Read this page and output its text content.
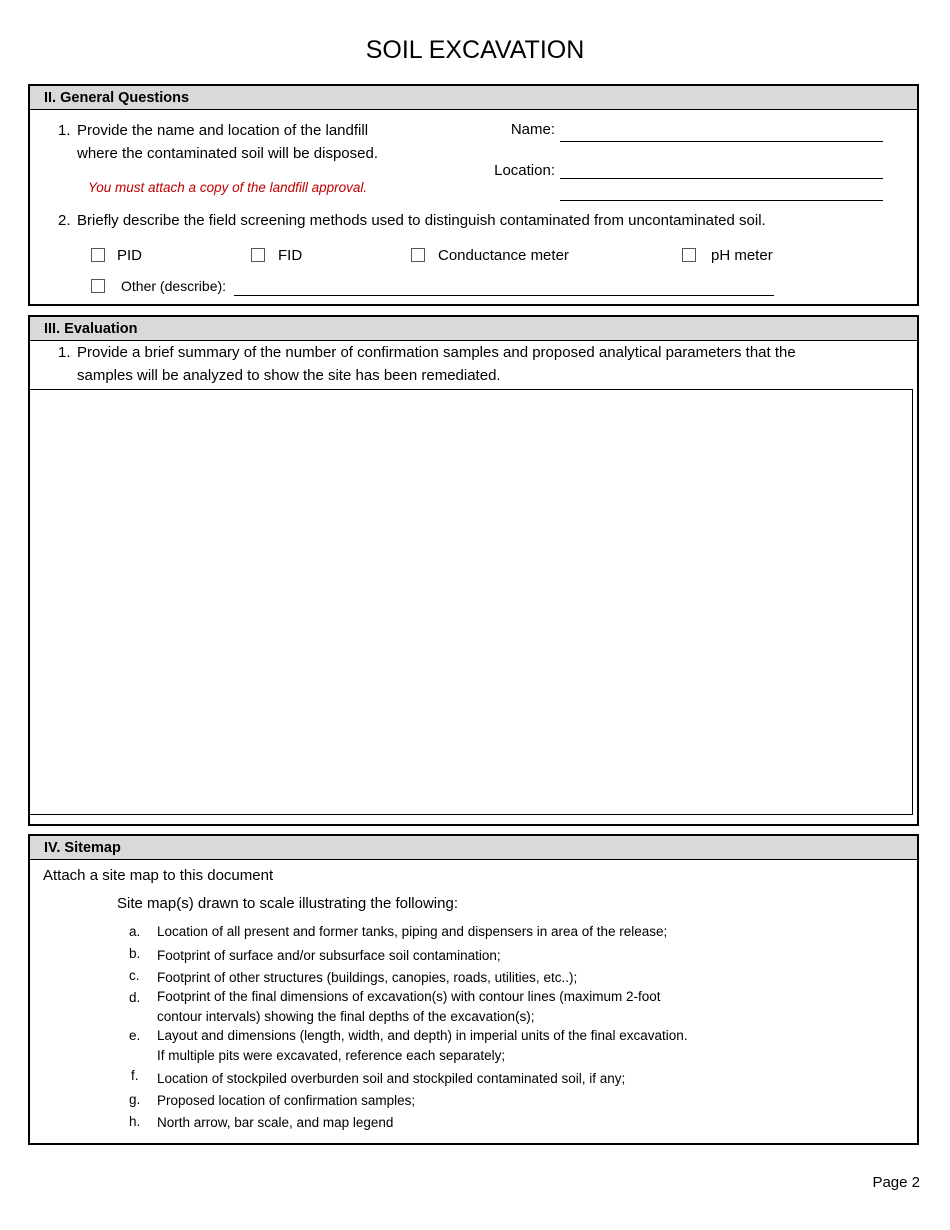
SOIL EXCAVATION
II. General Questions
1. Provide the name and location of the landfill
where the contaminated soil will be disposed.
You must attach a copy of the landfill approval.
Name:
Location:
2. Briefly describe the field screening methods used to distinguish contaminated from uncontaminated soil.
PID	FID	Conductance meter	pH meter
Other (describe):
III. Evaluation
1. Provide a brief summary of the number of confirmation samples and proposed analytical parameters that the
samples will be analyzed to show the site has been remediated.
IV. Sitemap
Attach a site map to this document
Site map(s) drawn to scale illustrating the following:
a. Location of all present and former tanks, piping and dispensers in area of the release;
b. Footprint of surface and/or subsurface soil contamination;
c. Footprint of other structures (buildings, canopies, roads, utilities, etc..);
d. Footprint of the final dimensions of excavation(s) with contour lines (maximum 2-foot
contour intervals) showing the final depths of the excavation(s);
e. Layout and dimensions (length, width, and depth) in imperial units of the final excavation.
If multiple pits were excavated, reference each separately;
f. Location of stockpiled overburden soil and stockpiled contaminated soil, if any;
g. Proposed location of confirmation samples;
h. North arrow, bar scale, and map legend
Page 2
